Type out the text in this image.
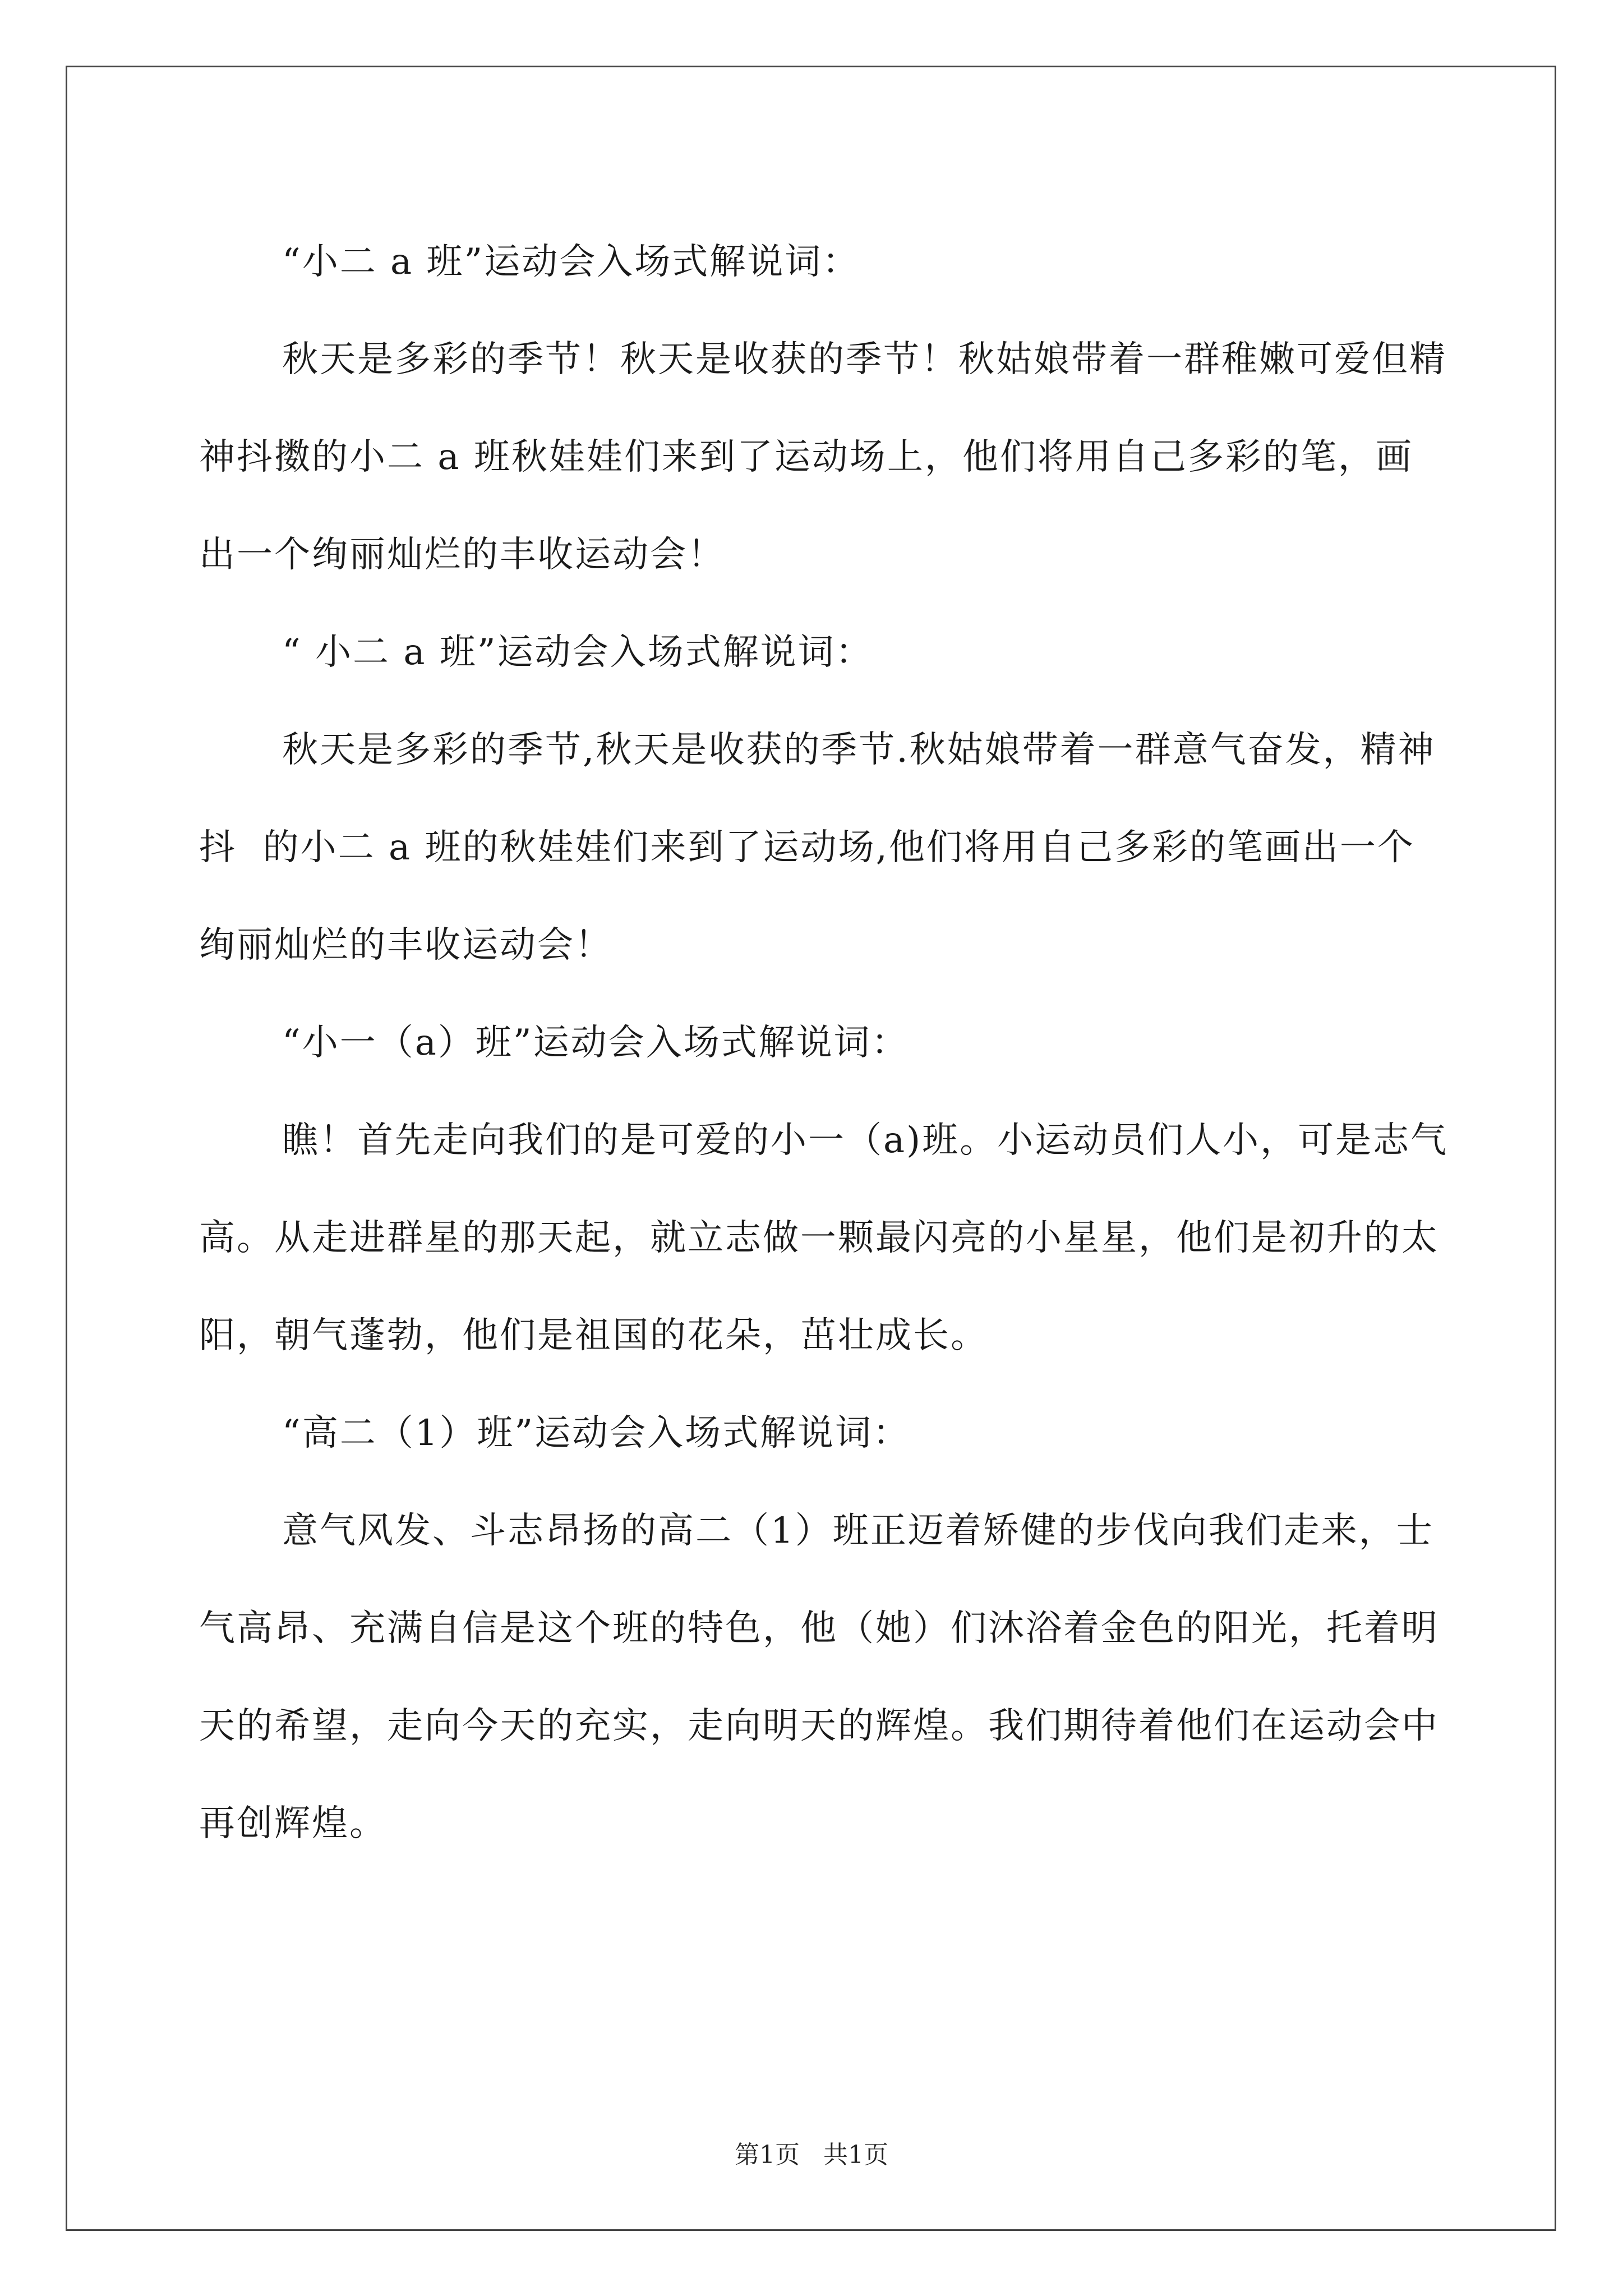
“小二 a 班”运动会入场式解说词：

秋天是多彩的季节！秋天是收获的季节！秋姑娘带着一群稚嫩可爱但精神抖擞的小二 a 班秋娃娃们来到了运动场上，他们将用自己多彩的笔，画出一个绚丽灿烂的丰收运动会！

“ 小二 a 班”运动会入场式解说词：

秋天是多彩的季节,秋天是收获的季节.秋姑娘带着一群意气奋发，精神抖  的小二 a 班的秋娃娃们来到了运动场,他们将用自己多彩的笔画出一个绚丽灿烂的丰收运动会！

“小一（a）班”运动会入场式解说词：

瞧！首先走向我们的是可爱的小一（a)班。小运动员们人小，可是志气高。从走进群星的那天起，就立志做一颗最闪亮的小星星，他们是初升的太阳，朝气蓬勃，他们是祖国的花朵，茁壮成长。

“高二（1）班”运动会入场式解说词：

意气风发、斗志昂扬的高二（1）班正迈着矫健的步伐向我们走来，士气高昂、充满自信是这个班的特色，他（她）们沐浴着金色的阳光，托着明天的希望，走向今天的充实，走向明天的辉煌。我们期待着他们在运动会中再创辉煌。

第1页   共1页
